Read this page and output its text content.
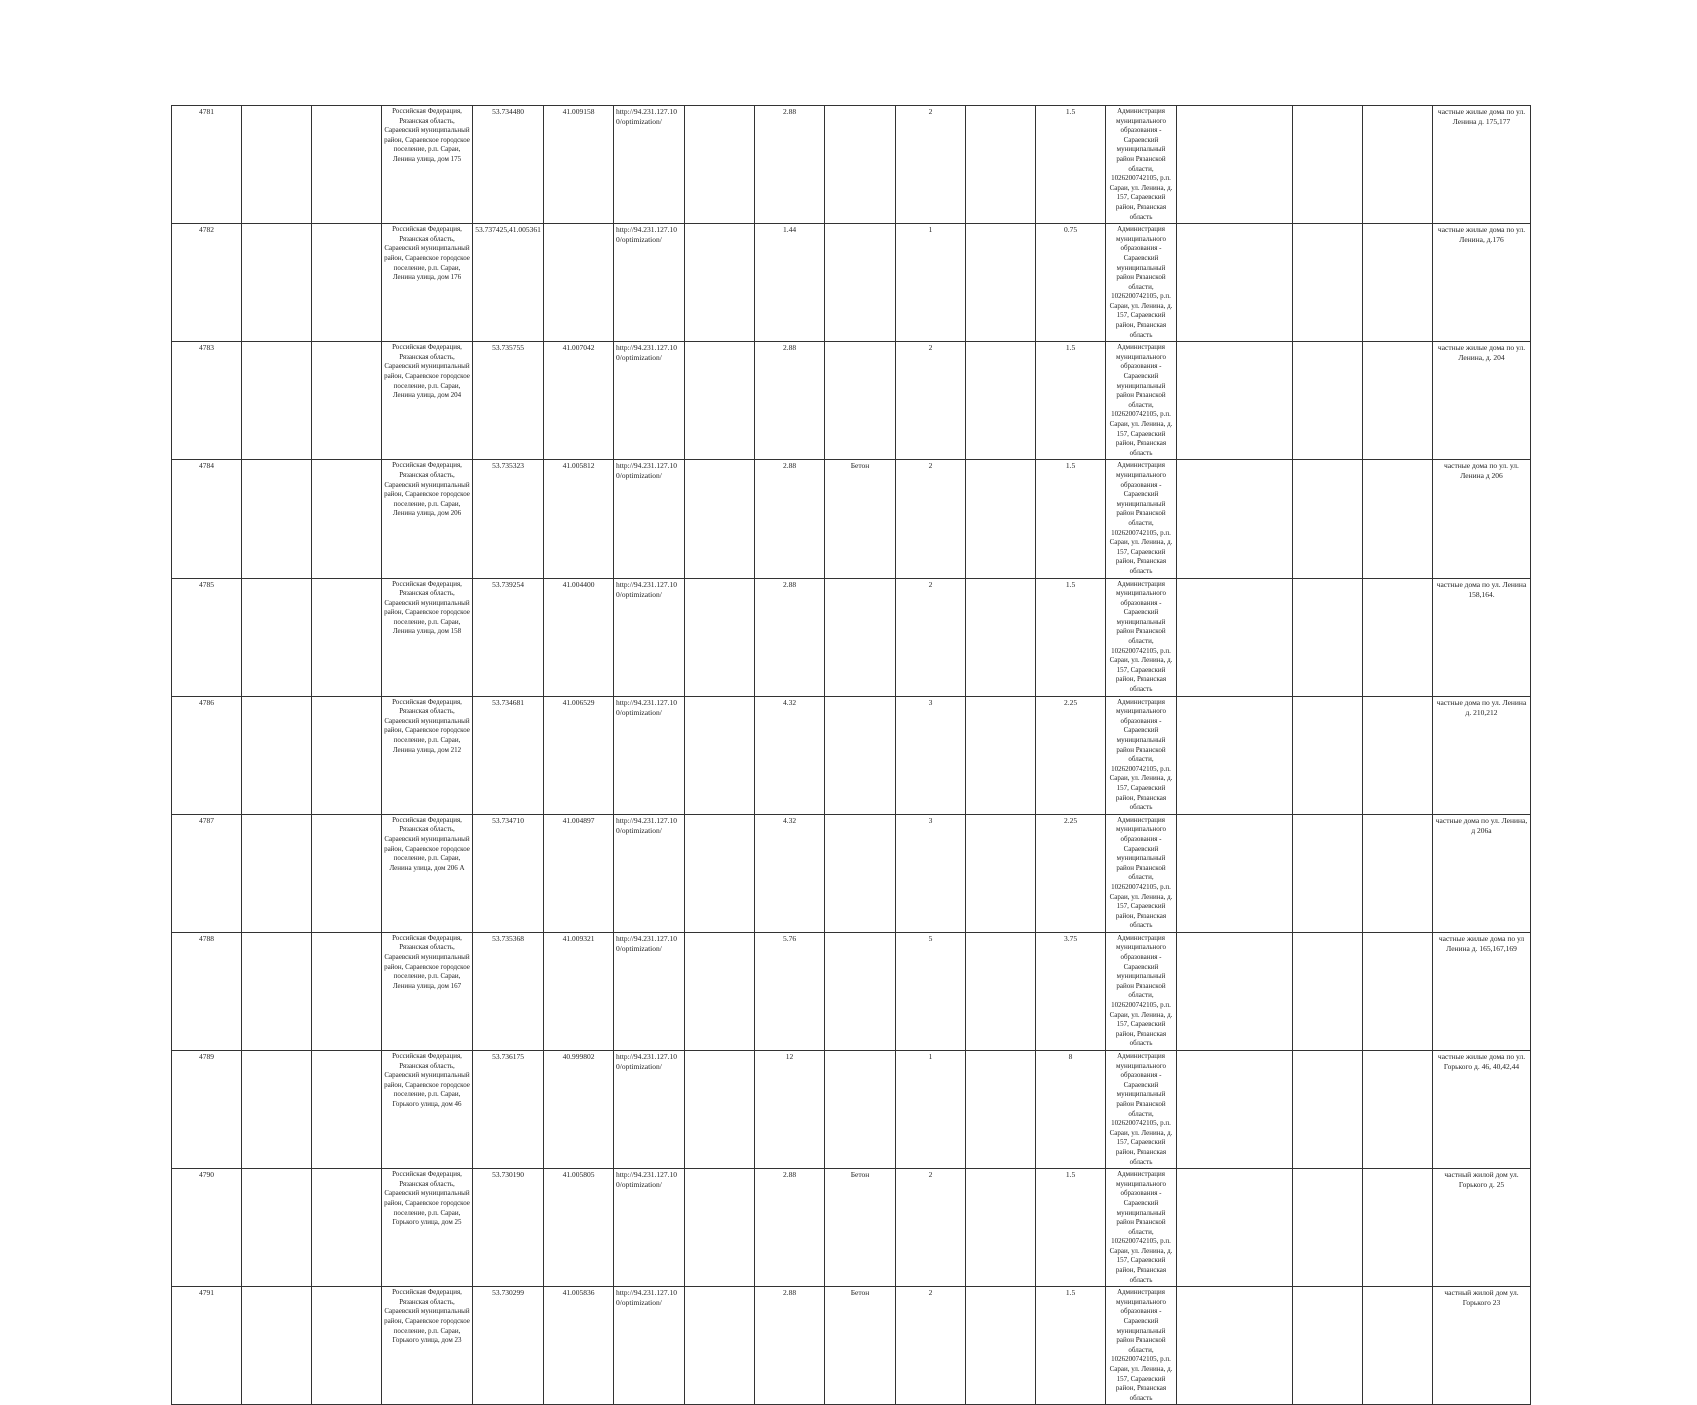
4781			Российская Федерация, Рязанская область, Сараевский муниципальный район, Сараевское городское поселение, р.п. Сараи, Ленина улица, дом 175	53.734480	41.009158	http://94.231.127.10 0/optimization/		2.88		2		1.5	Администрация муниципального образования - Сараевский муниципальный район Рязанской области, 1026200742105, р.п. Сараи, ул. Ленина, д. 157, Сараевский район, Рязанская область				частные жилые дома по ул. Ленина д. 175,177
4782			Российская Федерация, Рязанская область, Сараевский муниципальный район, Сараевское городское поселение, р.п. Сараи, Ленина улица, дом 176	53.737425,41.005361		http://94.231.127.10 0/optimization/		1.44		1		0.75	Администрация муниципального образования - Сараевский муниципальный район Рязанской области, 1026200742105, р.п. Сараи, ул. Ленина, д. 157, Сараевский район, Рязанская область				частные жилые дома по ул. Ленина, д.176
4783			Российская Федерация, Рязанская область, Сараевский муниципальный район, Сараевское городское поселение, р.п. Сараи, Ленина улица, дом 204	53.735755	41.007042	http://94.231.127.10 0/optimization/		2.88		2		1.5	Администрация муниципального образования - Сараевский муниципальный район Рязанской области, 1026200742105, р.п. Сараи, ул. Ленина, д. 157, Сараевский район, Рязанская область				частные жилые дома по ул. Ленина, д. 204
4784			Российская Федерация, Рязанская область, Сараевский муниципальный район, Сараевское городское поселение, р.п. Сараи, Ленина улица, дом 206	53.735323	41.005812	http://94.231.127.10 0/optimization/		2.88	Бетон	2		1.5	Администрация муниципального образования - Сараевский муниципальный район Рязанской области, 1026200742105, р.п. Сараи, ул. Ленина, д. 157, Сараевский район, Рязанская область				частные дома по ул. ул. Ленина д 206
4785			Российская Федерация, Рязанская область, Сараевский муниципальный район, Сараевское городское поселение, р.п. Сараи, Ленина улица, дом 158	53.739254	41.004400	http://94.231.127.10 0/optimization/		2.88		2		1.5	Администрация муниципального образования - Сараевский муниципальный район Рязанской области, 1026200742105, р.п. Сараи, ул. Ленина, д. 157, Сараевский район, Рязанская область				частные дома по ул. Ленина 158,164.
4786			Российская Федерация, Рязанская область, Сараевский муниципальный район, Сараевское городское поселение, р.п. Сараи, Ленина улица, дом 212	53.734681	41.006529	http://94.231.127.10 0/optimization/		4.32		3		2.25	Администрация муниципального образования - Сараевский муниципальный район Рязанской области, 1026200742105, р.п. Сараи, ул. Ленина, д. 157, Сараевский район, Рязанская область				частные дома по ул. Ленина д. 210,212
4787			Российская Федерация, Рязанская область, Сараевский муниципальный район, Сараевское городское поселение, р.п. Сараи, Ленина улица, дом 206 А	53.734710	41.004897	http://94.231.127.10 0/optimization/		4.32		3		2.25	Администрация муниципального образования - Сараевский муниципальный район Рязанской области, 1026200742105, р.п. Сараи, ул. Ленина, д. 157, Сараевский район, Рязанская область				частные дома по ул. Ленина, д 206а
4788			Российская Федерация, Рязанская область, Сараевский муниципальный район, Сараевское городское поселение, р.п. Сараи, Ленина улица, дом 167	53.735368	41.009321	http://94.231.127.10 0/optimization/		5.76		5		3.75	Администрация муниципального образования - Сараевский муниципальный район Рязанской области, 1026200742105, р.п. Сараи, ул. Ленина, д. 157, Сараевский район, Рязанская область				частные жилые дома по ул Ленина д. 165,167,169
4789			Российская Федерация, Рязанская область, Сараевский муниципальный район, Сараевское городское поселение, р.п. Сараи, Горького улица, дом 46	53.736175	40.999802	http://94.231.127.10 0/optimization/		12		1		8	Администрация муниципального образования - Сараевский муниципальный район Рязанской области, 1026200742105, р.п. Сараи, ул. Ленина, д. 157, Сараевский район, Рязанская область				частные жилые дома по ул. Горького д. 46, 40,42,44
4790			Российская Федерация, Рязанская область, Сараевский муниципальный район, Сараевское городское поселение, р.п. Сараи, Горького улица, дом 25	53.730190	41.005805	http://94.231.127.10 0/optimization/		2.88	Бетон	2		1.5	Администрация муниципального образования - Сараевский муниципальный район Рязанской области, 1026200742105, р.п. Сараи, ул. Ленина, д. 157, Сараевский район, Рязанская область				частный жилой дом ул. Горького д. 25
4791			Российская Федерация, Рязанская область, Сараевский муниципальный район, Сараевское городское поселение, р.п. Сараи, Горького улица, дом 23	53.730299	41.005836	http://94.231.127.10 0/optimization/		2.88	Бетон	2		1.5	Администрация муниципального образования - Сараевский муниципальный район Рязанской области, 1026200742105, р.п. Сараи, ул. Ленина, д. 157, Сараевский район, Рязанская область				частный жилой дом ул. Горького 23
